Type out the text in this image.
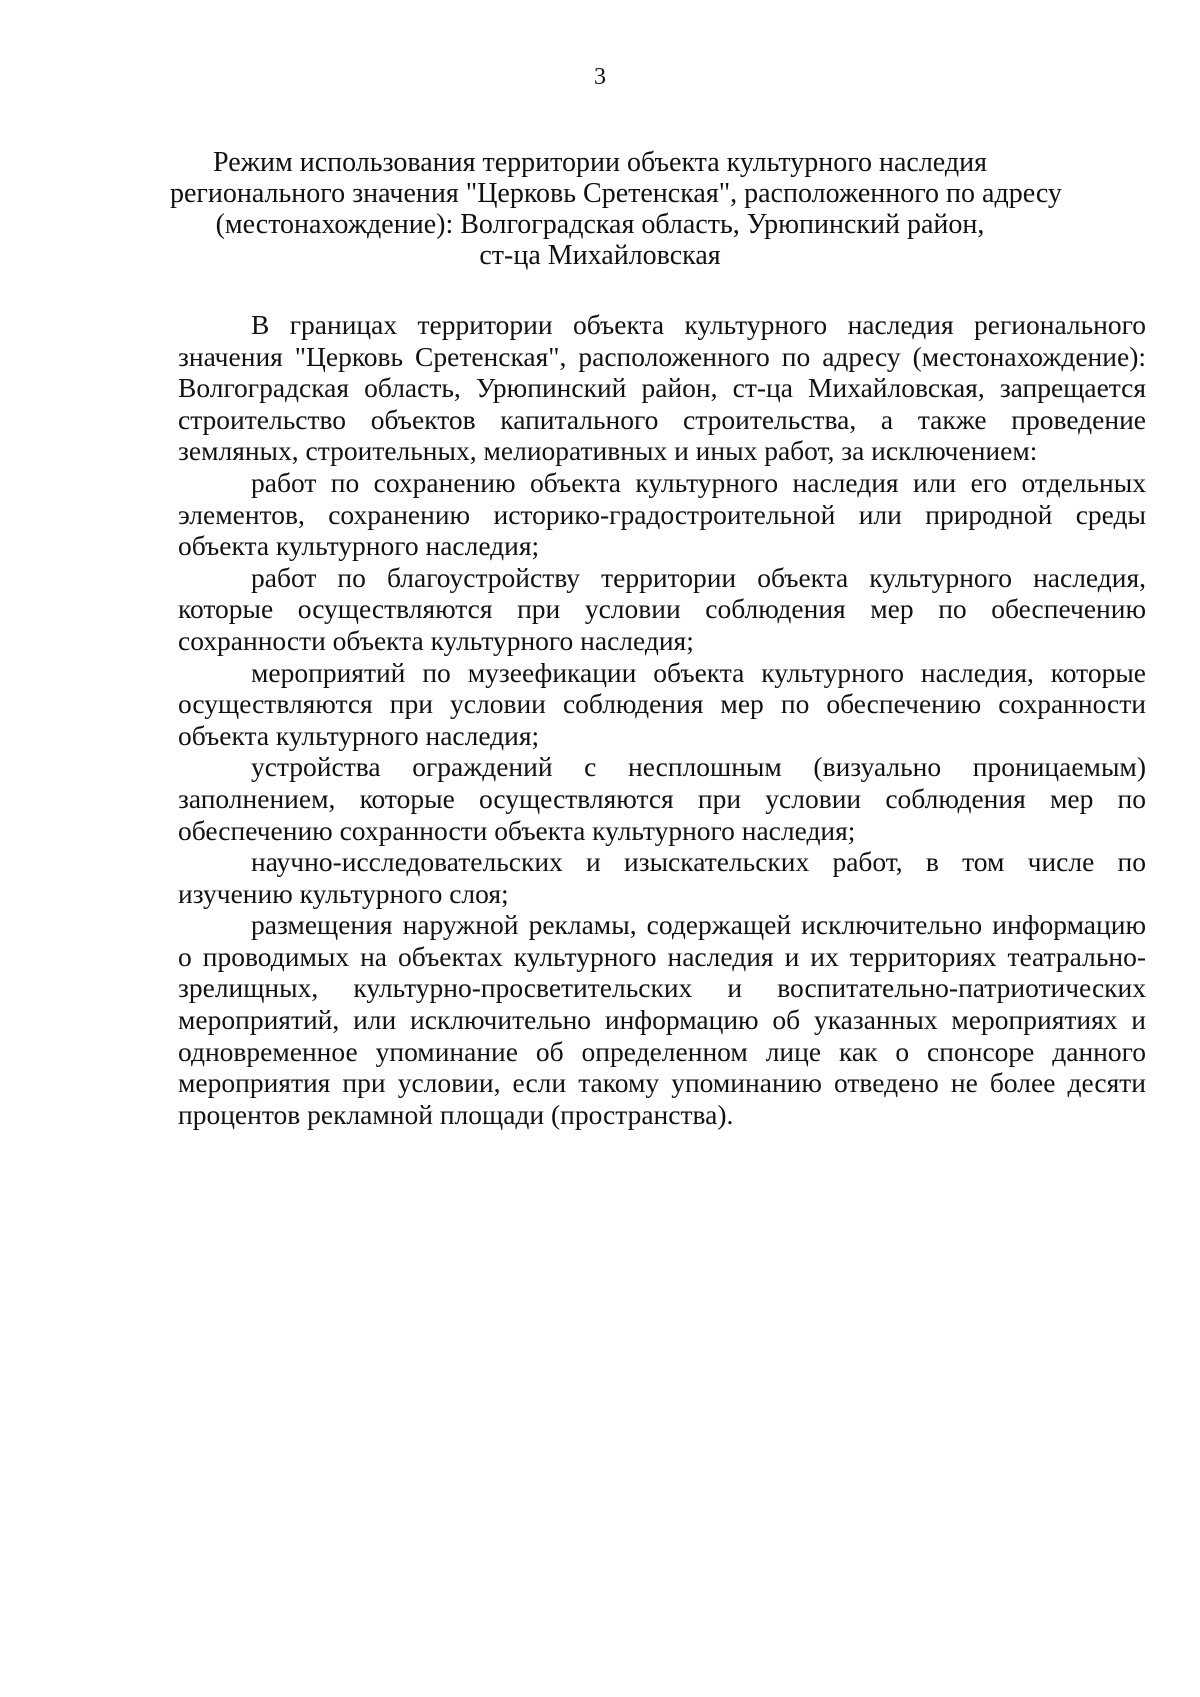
3
Режим использования территории объекта культурного наследия
регионального значения "Церковь Сретенская", расположенного по адресу
(местонахождение): Волгоградская область, Урюпинский район,
ст-ца Михайловская

В границах территории объекта культурного наследия регионального значения "Церковь Сретенская", расположенного по адресу (местонахождение): Волгоградская область, Урюпинский район, ст-ца Михайловская, запрещается строительство объектов капитального строительства, а также проведение земляных, строительных, мелиоративных и иных работ, за исключением:

работ по сохранению объекта культурного наследия или его отдельных элементов, сохранению историко-градостроительной или природной среды объекта культурного наследия;

работ по благоустройству территории объекта культурного наследия, которые осуществляются при условии соблюдения мер по обеспечению сохранности объекта культурного наследия;

мероприятий по музеефикации объекта культурного наследия, которые осуществляются при условии соблюдения мер по обеспечению сохранности объекта культурного наследия;

устройства ограждений с несплошным (визуально проницаемым) заполнением, которые осуществляются при условии соблюдения мер по обеспечению сохранности объекта культурного наследия;

научно-исследовательских и изыскательских работ, в том числе по изучению культурного слоя;

размещения наружной рекламы, содержащей исключительно информацию о проводимых на объектах культурного наследия и их территориях театрально-зрелищных, культурно-просветительских и воспитательно-патриотических мероприятий, или исключительно информацию об указанных мероприятиях и одновременное упоминание об определенном лице как о спонсоре данного мероприятия при условии, если такому упоминанию отведено не более десяти процентов рекламной площади (пространства).
